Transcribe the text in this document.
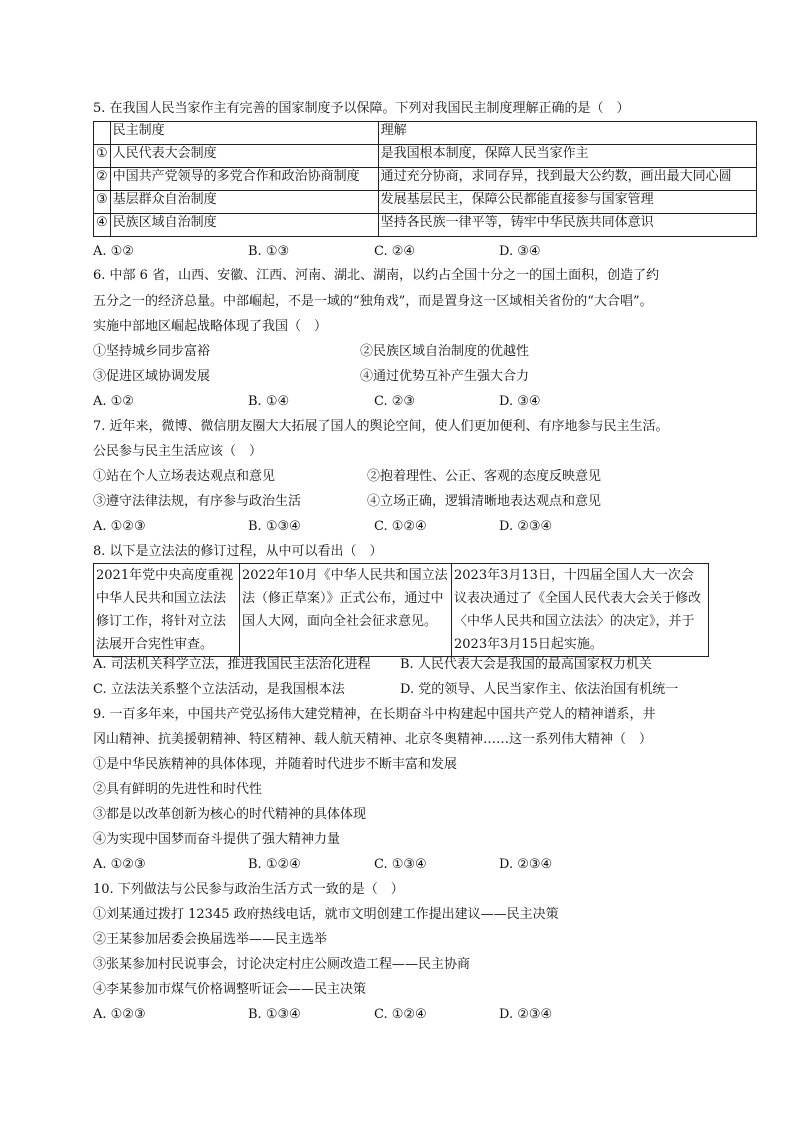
5. 在我国人民当家作主有完善的国家制度予以保障。下列对我国民主制度理解正确的是（　）
	民主制度	理解
①	人民代表大会制度	是我国根本制度，保障人民当家作主
②	中国共产党领导的多党合作和政治协商制度	通过充分协商，求同存异，找到最大公约数，画出最大同心圆
③	基层群众自治制度	发展基层民主，保障公民都能直接参与国家管理
④	民族区域自治制度	坚持各民族一律平等，铸牢中华民族共同体意识
A. ①②	B. ①③	C. ②④	D. ③④
6. 中部 6 省，山西、安徽、江西、河南、湖北、湖南，以约占全国十分之一的国土面积，创造了约
五分之一的经济总量。中部崛起，不是一域的“独角戏”，而是置身这一区域相关省份的“大合唱”。
实施中部地区崛起战略体现了我国（　）
①坚持城乡同步富裕	②民族区域自治制度的优越性
③促进区域协调发展	④通过优势互补产生强大合力
A. ①②	B. ①④	C. ②③	D. ③④
7. 近年来，微博、微信朋友圈大大拓展了国人的舆论空间，使人们更加便利、有序地参与民主生活。
公民参与民主生活应该（　）
①站在个人立场表达观点和意见	②抱着理性、公正、客观的态度反映意见
③遵守法律法规，有序参与政治生活	④立场正确，逻辑清晰地表达观点和意见
A. ①②③	B. ①③④	C. ①②④	D. ②③④
8. 以下是立法法的修订过程，从中可以看出（　）
2021年党中央高度重视中华人民共和国立法法修订工作，将针对立法法展开合宪性审查。	2022年10月《中华人民共和国立法法（修正草案）》正式公布，通过中国人大网，面向全社会征求意见。	2023年3月13日，十四届全国人大一次会议表决通过了《全国人民代表大会关于修改〈中华人民共和国立法法〉的决定》，并于2023年3月15日起实施。
A. 司法机关科学立法，推进我国民主法治化进程 B. 人民代表大会是我国的最高国家权力机关
C. 立法法关系整个立法活动，是我国根本法	D. 党的领导、人民当家作主、依法治国有机统一
9. 一百多年来，中国共产党弘扬伟大建党精神，在长期奋斗中构建起中国共产党人的精神谱系，井
冈山精神、抗美援朝精神、特区精神、载人航天精神、北京冬奥精神……这一系列伟大精神（　）
①是中华民族精神的具体体现，并随着时代进步不断丰富和发展
②具有鲜明的先进性和时代性
③都是以改革创新为核心的时代精神的具体体现
④为实现中国梦而奋斗提供了强大精神力量
A. ①②③	B. ①②④	C. ①③④	D. ②③④
10. 下列做法与公民参与政治生活方式一致的是（　）
①刘某通过拨打 12345 政府热线电话，就市文明创建工作提出建议——民主决策
②王某参加居委会换届选举——民主选举
③张某参加村民说事会，讨论决定村庄公厕改造工程——民主协商
④李某参加市煤气价格调整听证会——民主决策
A. ①②③	B. ①③④	C. ①②④	D. ②③④
